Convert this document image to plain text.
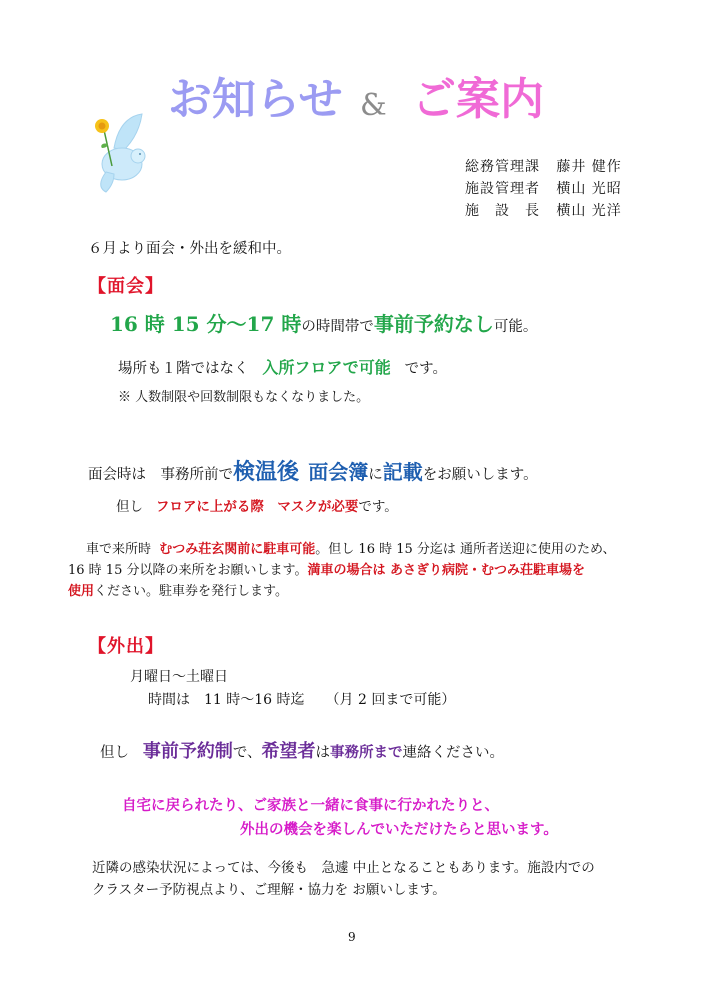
お知らせ & ご案内
総務管理課 藤井 健作
施設管理者 横山 光昭
施　設　長 横山 光洋
６月より面会・外出を緩和中。
【面会】
16 時 15 分～17 時の時間帯で事前予約なし可能。
場所も１階ではなく 入所フロアで可能 です。
※ 人数制限や回数制限もなくなりました。
面会時は　事務所前で検温後 面会簿に記載をお願いします。
但し フロアに上がる際　マスクが必要です。
車で来所時 むつみ荘玄関前に駐車可能。但し 16 時 15 分迄は 通所者送迎に使用のため、
16 時 15 分以降の来所をお願いします。満車の場合は あさぎり病院・むつみ荘駐車場を
使用ください。駐車券を発行します。
【外出】
月曜日～土曜日
時間は　11 時～16 時迄　　（月 2 回まで可能）
但し 事前予約制で、希望者は事務所まで連絡ください。
自宅に戻られたり、ご家族と一緒に食事に行かれたりと、
外出の機会を楽しんでいただけたらと思います。
近隣の感染状況によっては、今後も　急遽 中止となることもあります。施設内での
クラスター予防視点より、ご理解・協力を お願いします。
9
